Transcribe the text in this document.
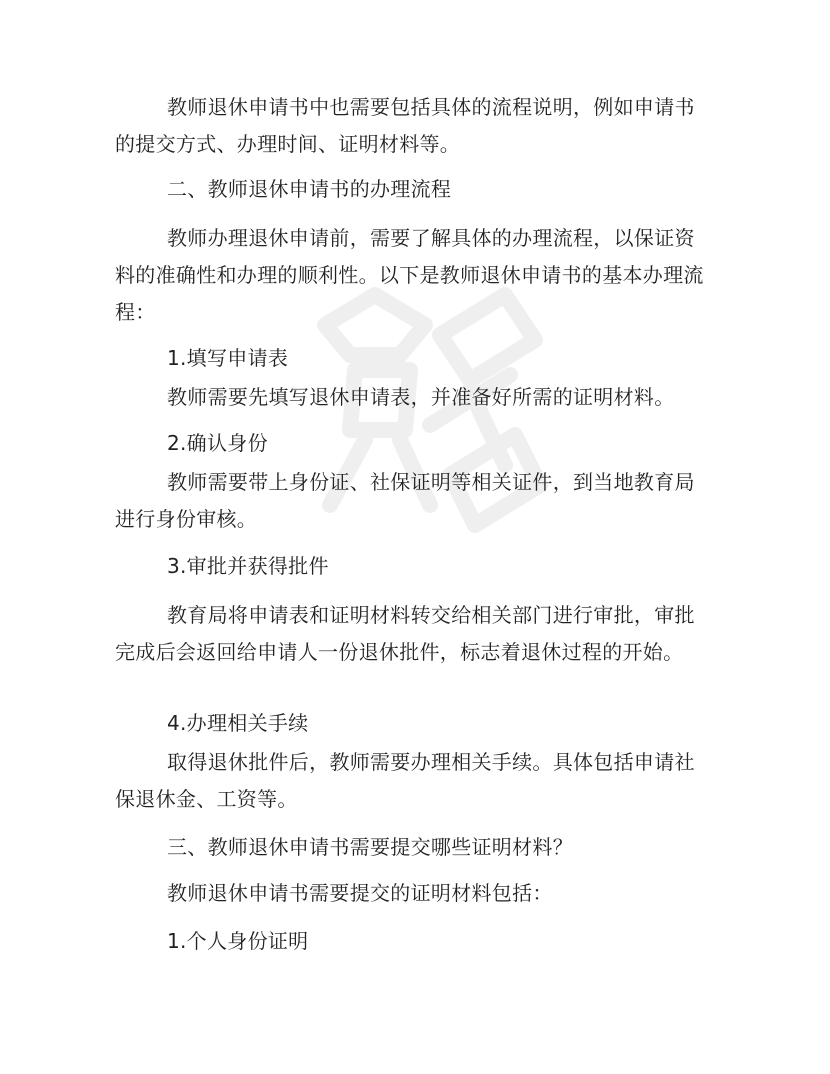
教师退休申请书中也需要包括具体的流程说明，例如申请书的提交方式、办理时间、证明材料等。

二、教师退休申请书的办理流程

教师办理退休申请前，需要了解具体的办理流程，以保证资料的准确性和办理的顺利性。以下是教师退休申请书的基本办理流程：

1.填写申请表

教师需要先填写退休申请表，并准备好所需的证明材料。

2.确认身份

教师需要带上身份证、社保证明等相关证件，到当地教育局进行身份审核。

3.审批并获得批件

教育局将申请表和证明材料转交给相关部门进行审批，审批完成后会返回给申请人一份退休批件，标志着退休过程的开始。

4.办理相关手续

取得退休批件后，教师需要办理相关手续。具体包括申请社保退休金、工资等。

三、教师退休申请书需要提交哪些证明材料？

教师退休申请书需要提交的证明材料包括：

1.个人身份证明
